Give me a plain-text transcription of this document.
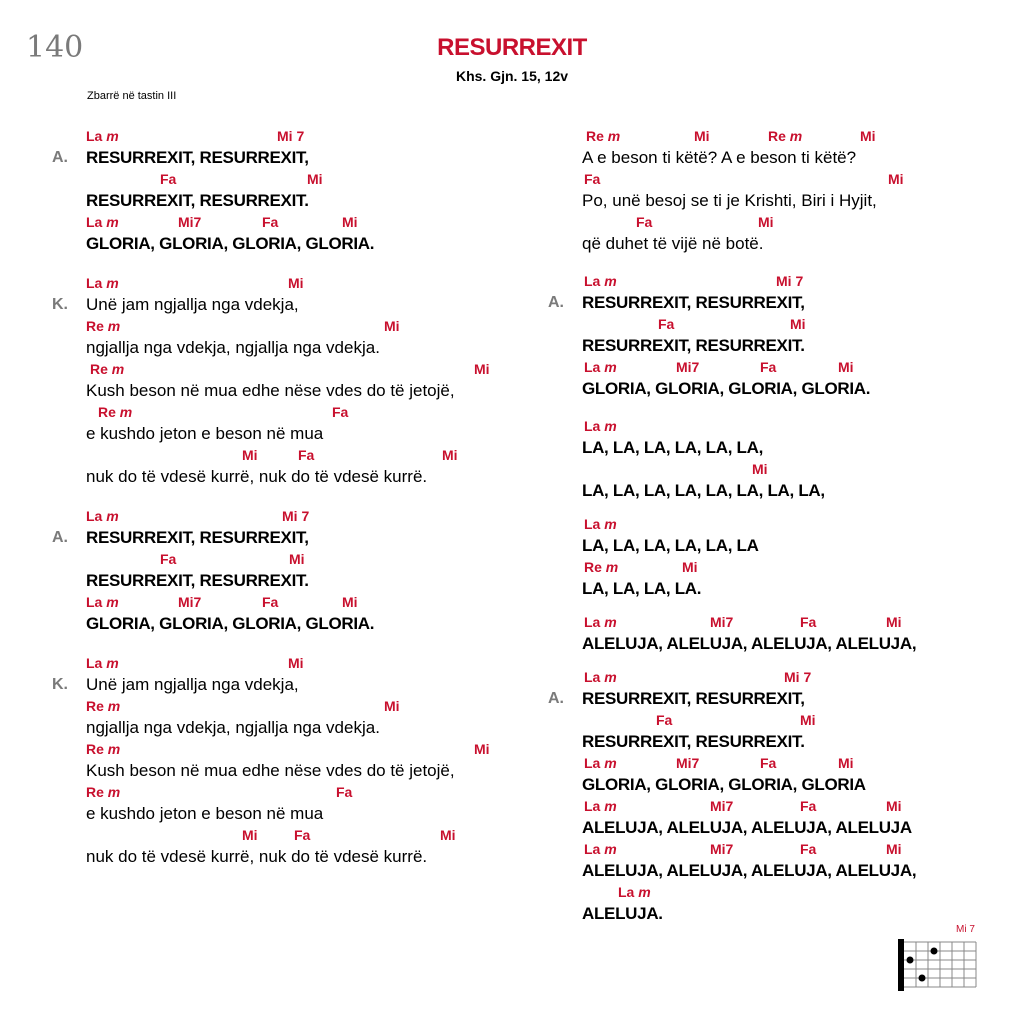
140	RESURREXIT
Khs. Gjn. 15, 12v
Zbarrë në tastin III
La m	Mi 7
A. RESURREXIT, RESURREXIT,
Fa	Mi
RESURREXIT, RESURREXIT.
La m	Mi7	Fa	Mi
GLORIA, GLORIA, GLORIA, GLORIA.
La m	Mi
K. Unë jam ngjallja nga vdekja,
Re m	Mi
ngjallja nga vdekja, ngjallja nga vdekja.
Re m	Mi
Kush beson në mua edhe nëse vdes do të jetojë,
Re m	Fa
e kushdo jeton e beson në mua
Mi	Fa	Mi
nuk do të vdesë kurrë, nuk do të vdesë kurrë.
La m	Mi 7
A. RESURREXIT, RESURREXIT,
Fa	Mi
RESURREXIT, RESURREXIT.
La m	Mi7	Fa	Mi
GLORIA, GLORIA, GLORIA, GLORIA.
La m	Mi
K. Unë jam ngjallja nga vdekja,
Re m	Mi
ngjallja nga vdekja, ngjallja nga vdekja.
Re m	Mi
Kush beson në mua edhe nëse vdes do të jetojë,
Re m	Fa
e kushdo jeton e beson në mua
Mi	Fa	Mi
nuk do të vdesë kurrë, nuk do të vdesë kurrë.
Re m	Mi	Re m	Mi
A e beson ti këtë? A e beson ti këtë?
Fa	Mi
Po, unë besoj se ti je Krishti, Biri i Hyjit,
Fa	Mi
që duhet të vijë në botë.
La m	Mi 7
A. RESURREXIT, RESURREXIT,
Fa	Mi
RESURREXIT, RESURREXIT.
La m	Mi7	Fa	Mi
GLORIA, GLORIA, GLORIA, GLORIA.
La m
LA, LA, LA, LA, LA, LA,
Mi
LA, LA, LA, LA, LA, LA, LA, LA,
La m
LA, LA, LA, LA, LA, LA
Re m	Mi
LA, LA, LA, LA.
La m	Mi7	Fa	Mi
ALELUJA, ALELUJA, ALELUJA, ALELUJA,
La m	Mi 7
A. RESURREXIT, RESURREXIT,
Fa	Mi
RESURREXIT, RESURREXIT.
La m	Mi7	Fa	Mi
GLORIA, GLORIA, GLORIA, GLORIA
La m	Mi7	Fa	Mi
ALELUJA, ALELUJA, ALELUJA, ALELUJA
La m	Mi7	Fa	Mi
ALELUJA, ALELUJA, ALELUJA, ALELUJA,
La m
ALELUJA.
Mi 7
